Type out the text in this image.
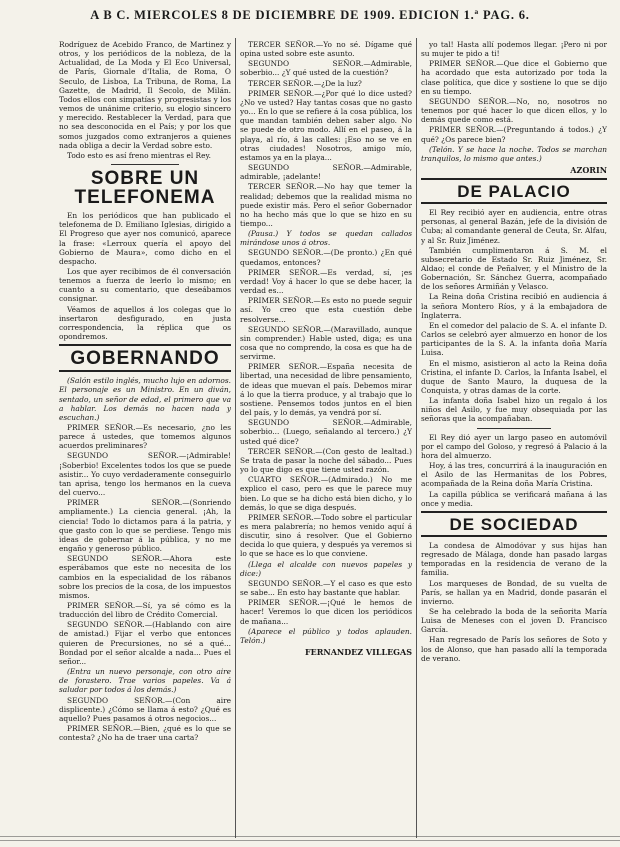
A B C. MIERCOLES 8 DE DICIEMBRE DE 1909. EDICION 1.ª PAG. 6.

Rodríguez de Acebido Franco, de Martinez y otros, y los periódicos de la nobleza, de la Actualidad, de La Moda y El Eco Universal, de París, Giornale d'Italia, de Roma, O Seculo, de Lisboa, La Tribuna, de Roma, La Gazette, de Madrid, Il Secolo, de Milán. Todos ellos con simpatías y progresistas y los vemos de unánime criterio, su elogio sincero y merecido. Restablecer la Verdad, para que no sea desconocida en el País; y por los que somos juzgados como extranjeros a quienes nada obliga a decir la Verdad sobre esto.

Todo esto es así freno mientras el Rey.

SOBRE UN TELEFONEMA

En los periódicos que han publicado el telefonema de D. Emiliano Iglesias, dirigido a El Progreso que ayer nos comunicó, aparece la frase: «Lerroux quería el apoyo del Gobierno de Maura», como dicho en el despacho.

Los que ayer recibimos de él conversación tenemos a fuerza de leerlo lo mismo; en cuanto a su comentario, que deseábamos consignar.

Véamos de aquellos á los colegas que lo insertaron desfigurado, en justa correspondencia, la réplica que os opondremos.

GOBERNANDO

(Salón estilo inglés, mucho lujo en adornos. El personaje es un Ministro. En un diván, sentado, un señor de edad, el primero que va a hablar. Los demás no hacen nada y escuchan.)

PRIMER SEÑOR.—Es necesario, ¿no les parece á ustedes, que tomemos algunos acuerdos preliminares?

SEGUNDO SEÑOR.—¡Admirable! ¡Soberbio! Excelentes todos los que se puede asistir... Yo cuyo verdaderamente conseguirlo tan aprisa, tengo los hermanos en la cueva del cuervo...

PRIMER SEÑOR.—(Sonriendo ampliamente.) La ciencia general. ¡Ah, la ciencia! Todo lo dictamos para á la patria, y que gasto con lo que se perdiese. Tengo mis ideas de gobernar á la pública, y no me engaño y generoso público.

SEGUNDO SEÑOR.—Ahora este esperábamos que este no necesita de los cambios en la especialidad de los rábanos sobre los precios de la cosa, de los impuestos mismos.

PRIMER SEÑOR.—Sí, ya sé cómo es la traducción del libro de Crédito Comercial.

SEGUNDO SEÑOR.—(Hablando con aire de amistad.) Fijar el verbo que entonces quieren de Precursiones, no sé a qué... Bondad por el señor alcalde a nada... Pues el señor...

(Entra un nuevo personaje, con otro aire de forastero. Trae varios papeles. Va á saludar por todos á los demás.)

SEGUNDO SEÑOR.—(Con aire displicente.) ¿Cómo se llama á esto? ¿Qué es aquello? Pues pasamos á otros negocios...

PRIMER SEÑOR.—Bien, ¿qué es lo que se contesta? ¿No ha de traer una carta?

TERCER SEÑOR.—Yo no sé. Dígame qué opina usted sobre este asunto.

SEGUNDO SEÑOR.—Admirable, soberbio... ¿Y qué usted de la cuestión?

TERCER SEÑOR.—¿De la luz?

PRIMER SEÑOR.—¿Por qué lo dice usted? ¿No ve usted? Hay tantas cosas que no gasto yo... En lo que se refiere á la cosa pública, los que mandan también deben saber algo. No se puede de otro modo. Allí en el paseo, á la playa, al río, á las calles: ¡Eso no se ve en otras ciudades! Nosotros, amigo mío, estamos ya en la playa...

SEGUNDO SEÑOR.—Admirable, admirable, ¡adelante!

TERCER SEÑOR.—No hay que temer la realidad; debemos que la realidad misma no puede existir más. Pero el señor Gobernador no ha hecho más que lo que se hizo en su tiempo...

(Pausa.) Y todos se quedan callados mirándose unos á otros.

SEGUNDO SEÑOR.—(De pronto.) ¿En qué quedamos, entonces?

PRIMER SEÑOR.—Es verdad, sí, ¡es verdad! Voy á hacer lo que se debe hacer, la verdad es...

PRIMER SEÑOR.—Es esto no puede seguir así. Yo creo que esta cuestión debe resolverse...

SEGUNDO SEÑOR.—(Maravillado, aunque sin comprender.) Hable usted, diga; es una cosa que no comprendo, la cosa es que ha de servirme.

PRIMER SEÑOR.—España necesita de libertad, una necesidad de libre pensamiento, de ideas que muevan el país. Debemos mirar á lo que la tierra produce, y al trabajo que lo sostiene. Pensemos todos juntos en el bien del país, y lo demás, ya vendrá por sí.

SEGUNDO SEÑOR.—Admirable, soberbio... (Luego, señalando al tercero.) ¿Y usted qué dice?

TERCER SEÑOR.—(Con gesto de lealtad.) Se trata de pasar la noche del sábado... Pues yo lo que digo es que tiene usted razón.

CUARTO SEÑOR.—(Admirado.) No me explico el caso, pero es que le parece muy bien. Lo que se ha dicho está bien dicho, y lo demás, lo que se diga después.

PRIMER SEÑOR.—Todo sobre el particular es mera palabrería; no hemos venido aquí á discutir, sino á resolver. Que el Gobierno decida lo que quiera, y después ya veremos si lo que se hace es lo que conviene.

(Llega el alcalde con nuevos papeles y dice:)

SEGUNDO SEÑOR.—Y el caso es que esto se sabe... En esto hay bastante que hablar.

PRIMER SEÑOR.—¡Qué le hemos de hacer! Veremos lo que dicen los periódicos de mañana...

(Aparece el público y todos aplauden. Telón.)

FERNANDEZ VILLEGAS

yo tal! Hasta allí podemos llegar. ¡Pero ni por su mujer te pido a ti!

PRIMER SEÑOR.—Que dice el Gobierno que ha acordado que esta autorizado por toda la clase política, que dice y sostiene lo que se dijo en su tiempo.

SEGUNDO SEÑOR.—No, no, nosotros no tenemos por qué hacer lo que dicen ellos, y lo demás quede como está.

PRIMER SEÑOR.—(Preguntando á todos.) ¿Y qué? ¿Os parece bien?

(Telón. Y se hace la noche. Todos se marchan tranquilos, lo mismo que antes.)

AZORIN
DE PALACIO

El Rey recibió ayer en audiencia, entre otras personas, al general Bazán, jefe de la división de Cuba; al comandante general de Ceuta, Sr. Alfau, y al Sr. Ruiz Jiménez.

También cumplimentaron á S. M. el subsecretario de Estado Sr. Ruiz Jiménez, Sr. Aldao; el conde de Peñalver, y el Ministro de la Gobernación, Sr. Sánchez Guerra, acompañado de los señores Armiñán y Velasco.

La Reina doña Cristina recibió en audiencia á la señora Montero Ríos, y á la embajadora de Inglaterra.

En el comedor del palacio de S. A. el infante D. Carlos se celebró ayer almuerzo en honor de los participantes de la S. A. la infanta doña María Luisa.

En el mismo, asistieron al acto la Reina doña Cristina, el infante D. Carlos, la Infanta Isabel, el duque de Santo Mauro, la duquesa de la Conquista, y otras damas de la corte.

La infanta doña Isabel hizo un regalo á los niños del Asilo, y fue muy obsequiada por las señoras que la acompañaban.

El Rey dió ayer un largo paseo en automóvil por el campo del Goloso, y regresó á Palacio á la hora del almuerzo.

Hoy, á las tres, concurrirá á la inauguración en el Asilo de las Hermanitas de los Pobres, acompañada de la Reina doña María Cristina.

La capilla pública se verificará mañana á las once y media.

DE SOCIEDAD

La condesa de Almodóvar y sus hijas han regresado de Málaga, donde han pasado largas temporadas en la residencia de verano de la familia.

Los marqueses de Bondad, de su vuelta de París, se hallan ya en Madrid, donde pasarán el invierno.

Se ha celebrado la boda de la señorita María Luisa de Meneses con el joven D. Francisco García.

Han regresado de París los señores de Soto y los de Alonso, que han pasado allí la temporada de verano.
